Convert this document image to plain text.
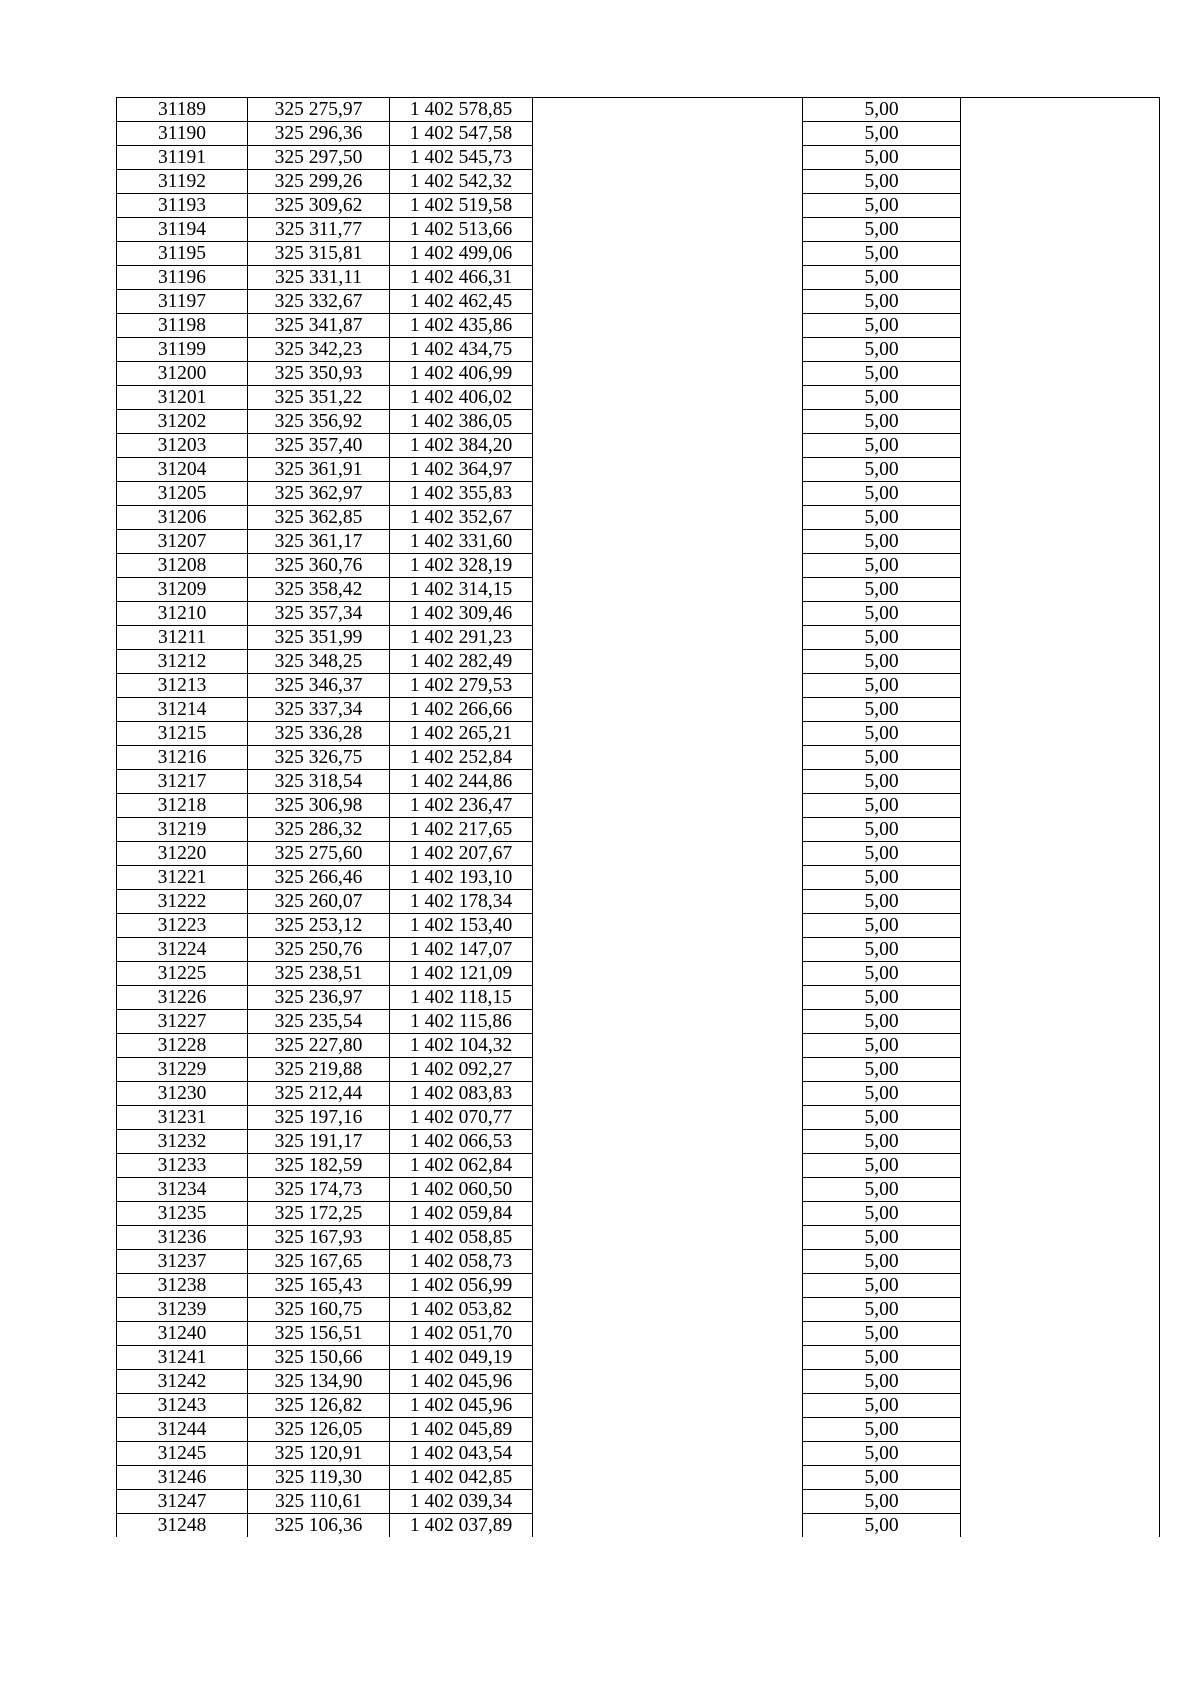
31189	325 275,97	1 402 578,85		5,00	
31190	325 296,36	1 402 547,58		5,00	
31191	325 297,50	1 402 545,73		5,00	
31192	325 299,26	1 402 542,32		5,00	
31193	325 309,62	1 402 519,58		5,00	
31194	325 311,77	1 402 513,66		5,00	
31195	325 315,81	1 402 499,06		5,00	
31196	325 331,11	1 402 466,31		5,00	
31197	325 332,67	1 402 462,45		5,00	
31198	325 341,87	1 402 435,86		5,00	
31199	325 342,23	1 402 434,75		5,00	
31200	325 350,93	1 402 406,99		5,00	
31201	325 351,22	1 402 406,02		5,00	
31202	325 356,92	1 402 386,05		5,00	
31203	325 357,40	1 402 384,20		5,00	
31204	325 361,91	1 402 364,97		5,00	
31205	325 362,97	1 402 355,83		5,00	
31206	325 362,85	1 402 352,67		5,00	
31207	325 361,17	1 402 331,60		5,00	
31208	325 360,76	1 402 328,19		5,00	
31209	325 358,42	1 402 314,15		5,00	
31210	325 357,34	1 402 309,46		5,00	
31211	325 351,99	1 402 291,23		5,00	
31212	325 348,25	1 402 282,49		5,00	
31213	325 346,37	1 402 279,53		5,00	
31214	325 337,34	1 402 266,66		5,00	
31215	325 336,28	1 402 265,21		5,00	
31216	325 326,75	1 402 252,84		5,00	
31217	325 318,54	1 402 244,86		5,00	
31218	325 306,98	1 402 236,47		5,00	
31219	325 286,32	1 402 217,65		5,00	
31220	325 275,60	1 402 207,67		5,00	
31221	325 266,46	1 402 193,10		5,00	
31222	325 260,07	1 402 178,34		5,00	
31223	325 253,12	1 402 153,40		5,00	
31224	325 250,76	1 402 147,07		5,00	
31225	325 238,51	1 402 121,09		5,00	
31226	325 236,97	1 402 118,15		5,00	
31227	325 235,54	1 402 115,86		5,00	
31228	325 227,80	1 402 104,32		5,00	
31229	325 219,88	1 402 092,27		5,00	
31230	325 212,44	1 402 083,83		5,00	
31231	325 197,16	1 402 070,77		5,00	
31232	325 191,17	1 402 066,53		5,00	
31233	325 182,59	1 402 062,84		5,00	
31234	325 174,73	1 402 060,50		5,00	
31235	325 172,25	1 402 059,84		5,00	
31236	325 167,93	1 402 058,85		5,00	
31237	325 167,65	1 402 058,73		5,00	
31238	325 165,43	1 402 056,99		5,00	
31239	325 160,75	1 402 053,82		5,00	
31240	325 156,51	1 402 051,70		5,00	
31241	325 150,66	1 402 049,19		5,00	
31242	325 134,90	1 402 045,96		5,00	
31243	325 126,82	1 402 045,96		5,00	
31244	325 126,05	1 402 045,89		5,00	
31245	325 120,91	1 402 043,54		5,00	
31246	325 119,30	1 402 042,85		5,00	
31247	325 110,61	1 402 039,34		5,00	
31248	325 106,36	1 402 037,89		5,00	
